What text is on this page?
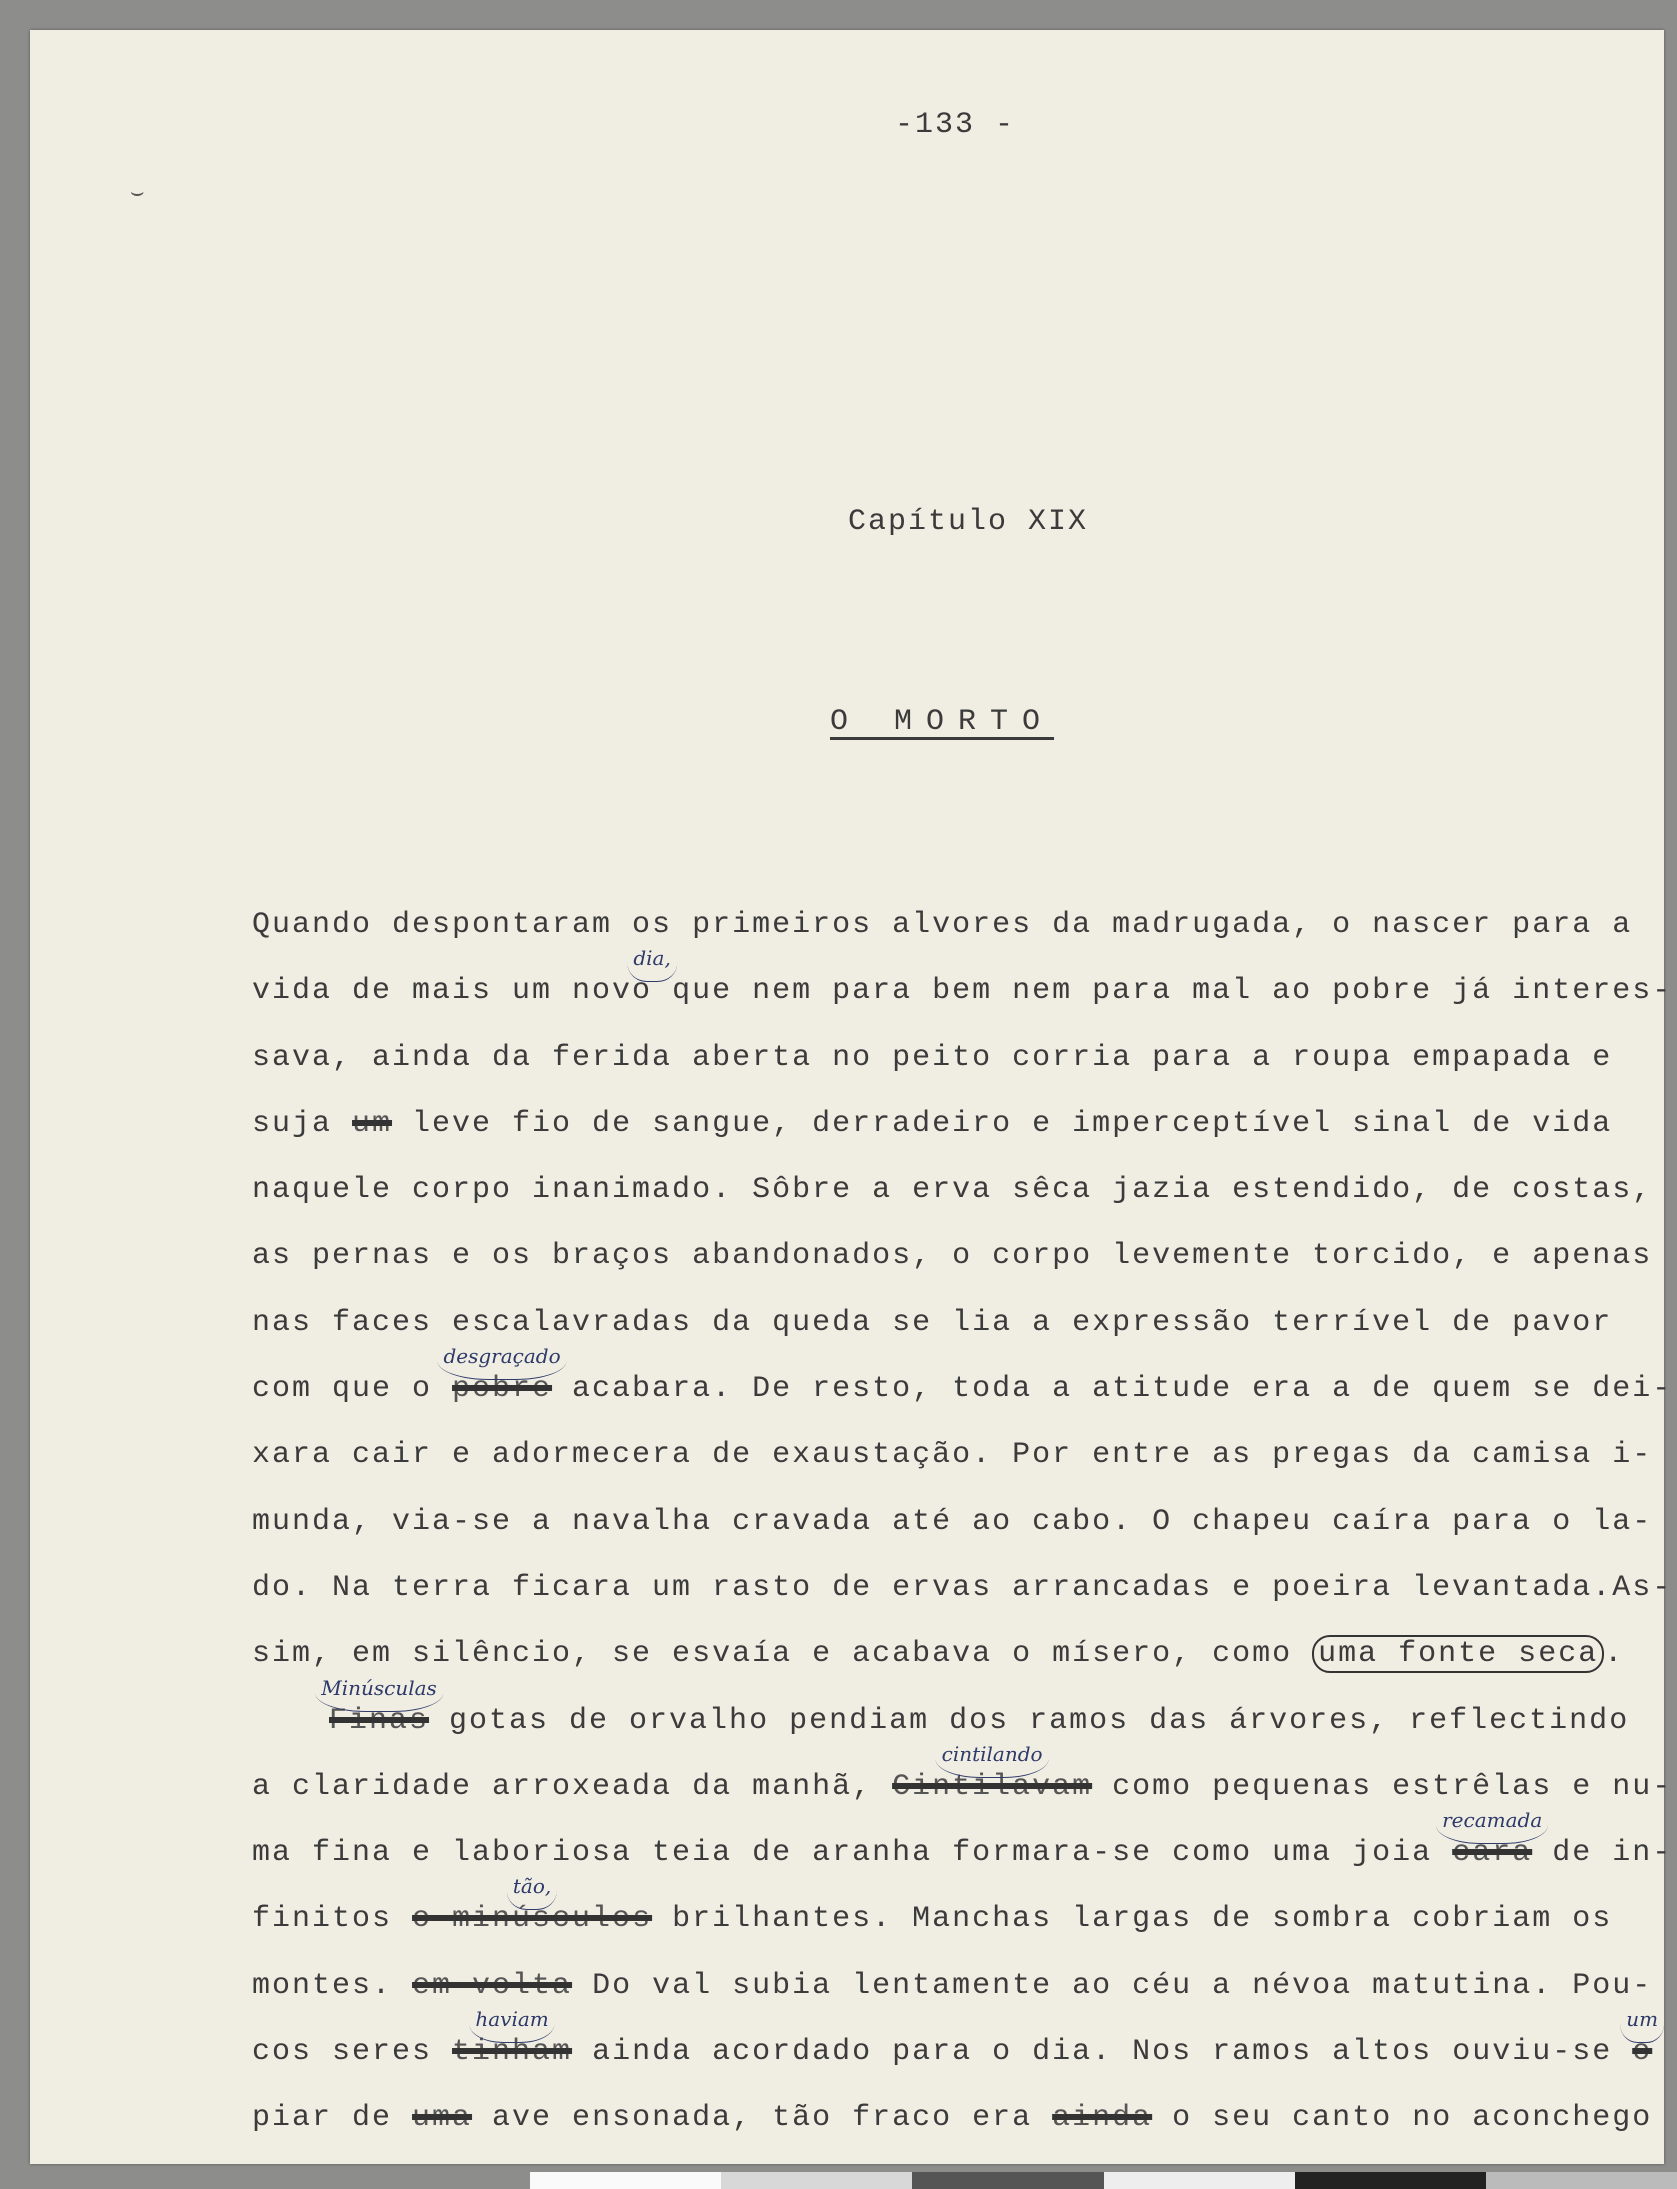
⌣
-133 -
Capítulo XIX
O MORTO
Quando despontaram os primeiros alvores da madrugada, o nascer para a
vida de mais um novo
dia,
que nem para bem nem para mal ao pobre já interes-
sava, ainda da ferida aberta no peito corria para a roupa empapada e
suja um leve fio de sangue, derradeiro e imperceptível sinal de vida
naquele corpo inanimado. Sôbre a erva sêca jazia estendido, de costas,
as pernas e os braços abandonados, o corpo levemente torcido, e apenas
nas faces escalavradas da queda se lia a expressão terrível de pavor
com que o pobre
desgraçado
acabara. De resto, toda a atitude era a de quem se dei-
xara cair e adormecera de exaustação. Por entre as pregas da camisa i-
munda, via-se a navalha cravada até ao cabo. O chapeu caíra para o la-
do. Na terra ficara um rasto de ervas arrancadas e poeira levantada.As-
sim, em silêncio, se esvaía e acabava o mísero, como uma fonte seca .
Finas
Minúsculas
gotas de orvalho pendiam dos ramos das árvores, reflectindo
a claridade arroxeada da manhã, Cintilavam
cintilando
como pequenas estrêlas e nu-
ma fina e laboriosa teia de aranha formara-se como uma joia cara
recamada
de in-
finitos o minúsculos
tão,
brilhantes. Manchas largas de sombra cobriam os
montes. em volta Do val subia lentamente ao céu a névoa matutina. Pou-
cos seres tinham
haviam
ainda acordado para o dia. Nos ramos altos ouviu-se o
um
piar de uma ave ensonada, tão fraco era ainda o seu canto no aconchego
